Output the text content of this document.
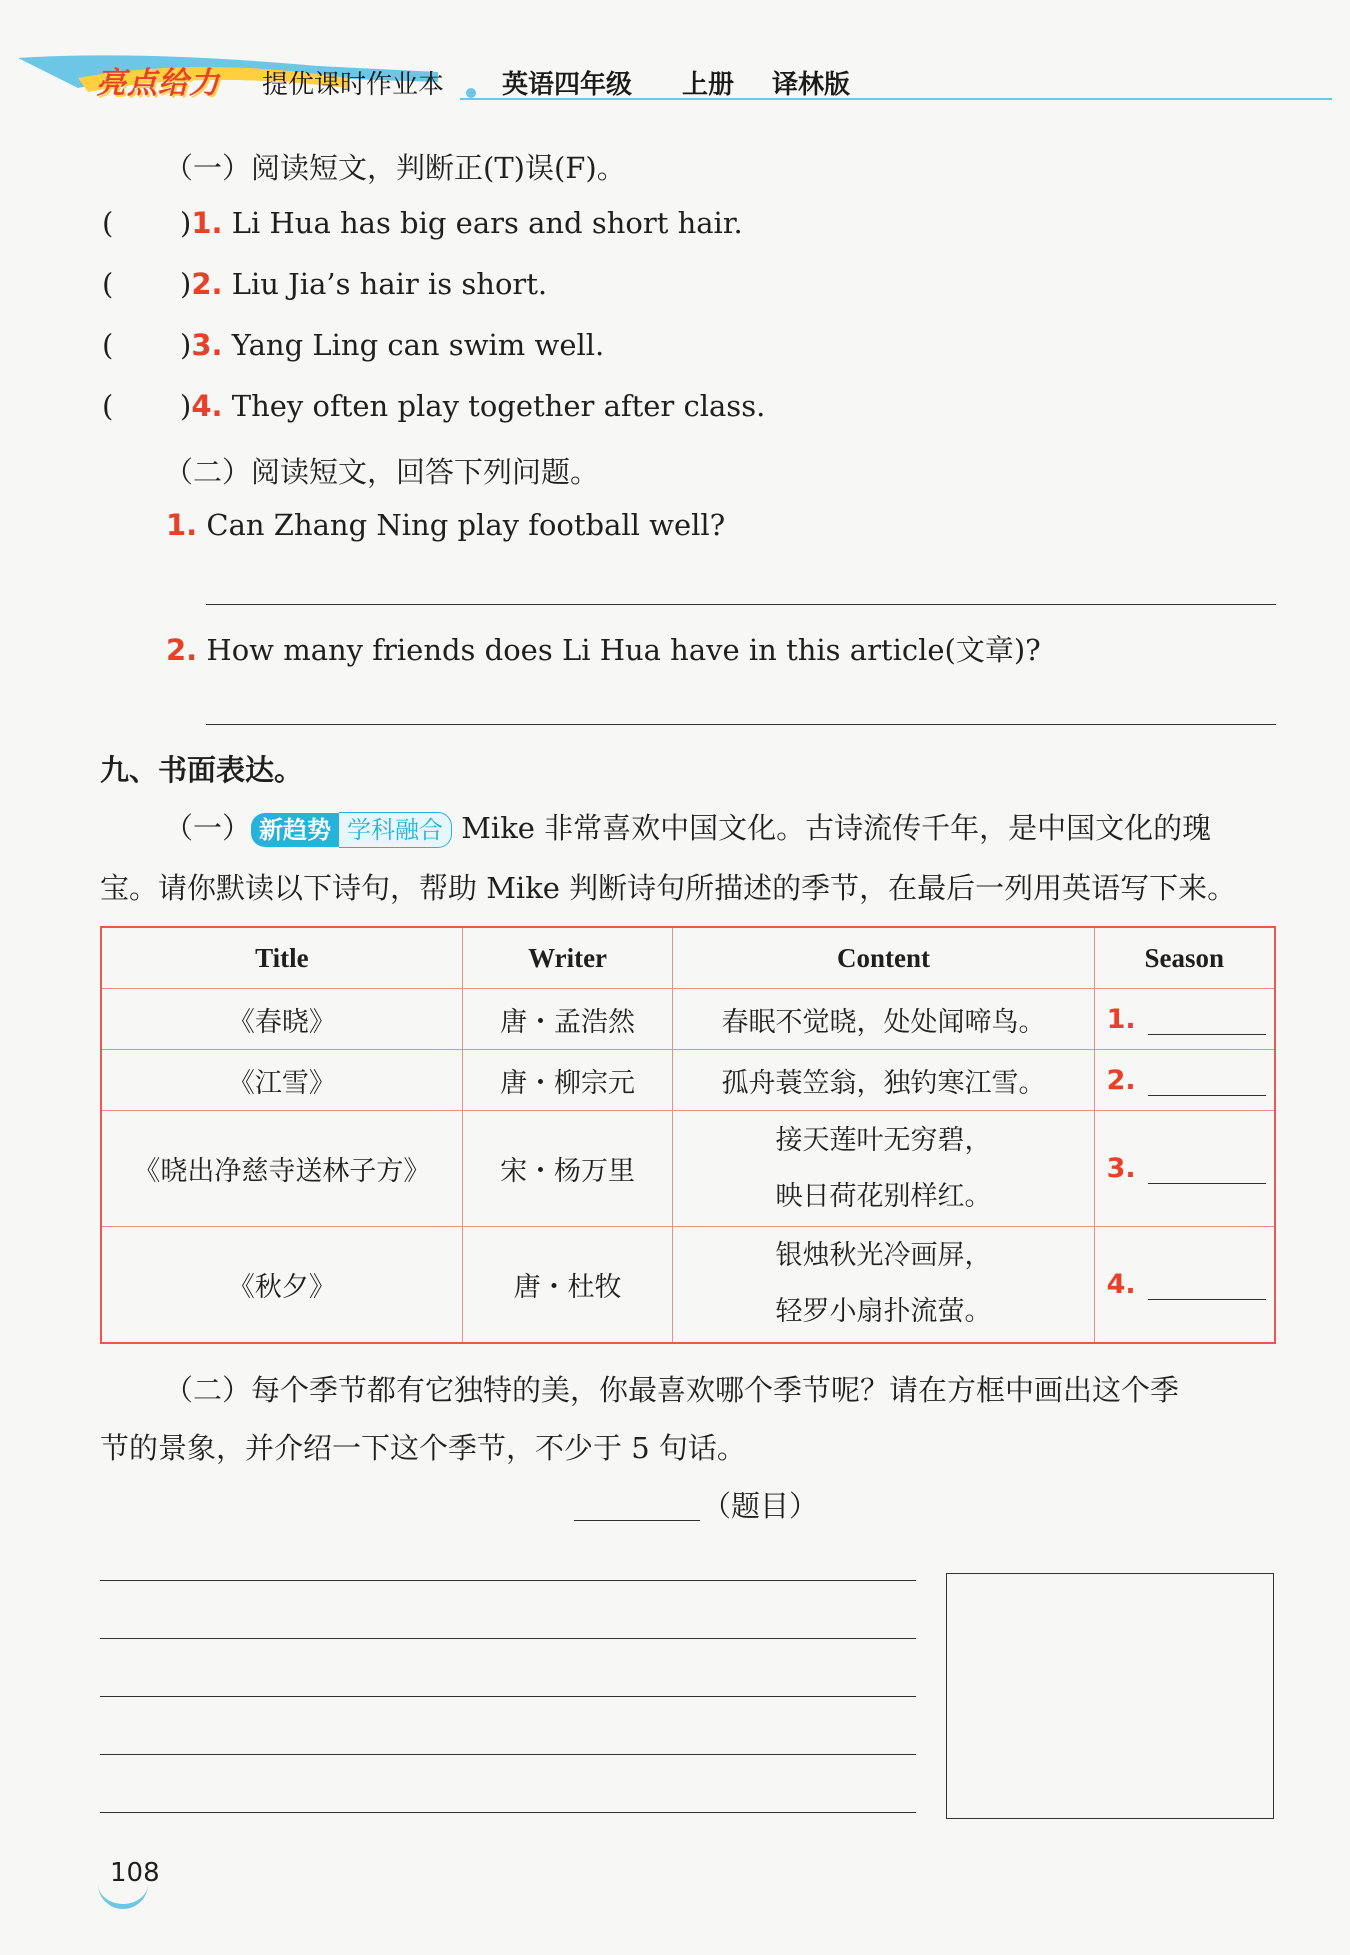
亮点给力 提优课时作业本 英语四年级 上册 译林版
（一）阅读短文，判断正(T)误(F)。
( )1. Li Hua has big ears and short hair.
( )2. Liu Jia’s hair is short.
( )3. Yang Ling can swim well.
( )4. They often play together after class.
（二）阅读短文，回答下列问题。
1. Can Zhang Ning play football well?
2. How many friends does Li Hua have in this article(文章)?
九、书面表达。
（一） 新趋势 学科融合 Mike 非常喜欢中国文化。古诗流传千年，是中国文化的瑰
宝。请你默读以下诗句，帮助 Mike 判断诗句所描述的季节，在最后一列用英语写下来。
Title	Writer	Content	Season
《春晓》	唐・孟浩然	春眠不觉晓，处处闻啼鸟。	1.
《江雪》	唐・柳宗元	孤舟蓑笠翁，独钓寒江雪。	2.
《晓出净慈寺送林子方》	宋・杨万里	接天莲叶无穷碧，
映日荷花别样红。	3.
《秋夕》	唐・杜牧	银烛秋光冷画屏，
轻罗小扇扑流萤。	4.
（二）每个季节都有它独特的美，你最喜欢哪个季节呢？请在方框中画出这个季
节的景象，并介绍一下这个季节，不少于 5 句话。
（题目）
108
